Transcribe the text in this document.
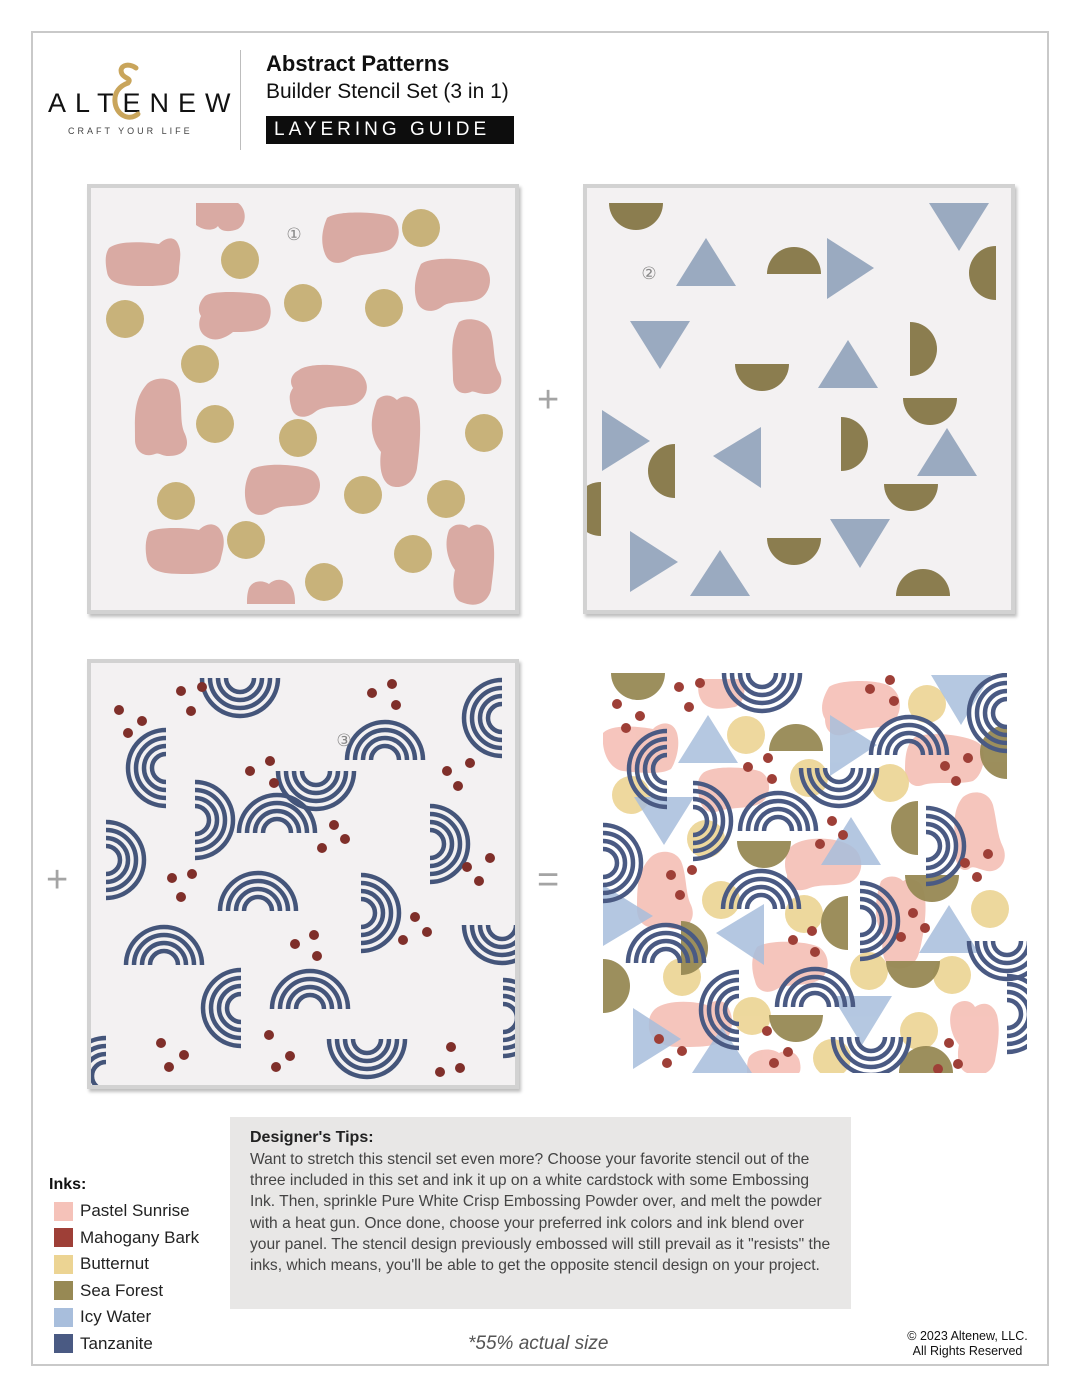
ALTENEW
CRAFT YOUR LIFE
Abstract Patterns
Builder Stencil Set (3 in 1)
LAYERING GUIDE
①
②
③
+
+	=
Inks:
Pastel Sunrise
Mahogany Bark
Butternut
Sea Forest
Icy Water
Tanzanite
Designer's Tips:
Want to stretch this stencil set even more? Choose your favorite stencil out of the three included in this set and ink it up on a white cardstock with some Embossing Ink. Then, sprinkle Pure White Crisp Embossing Powder over, and melt the powder with a heat gun. Once done, choose your preferred ink colors and ink blend over your panel. The stencil design previously embossed will still prevail as it "resists" the inks, which means, you'll be able to get the opposite stencil design on your project.
*55% actual size	© 2023 Altenew, LLC.
All Rights Reserved
